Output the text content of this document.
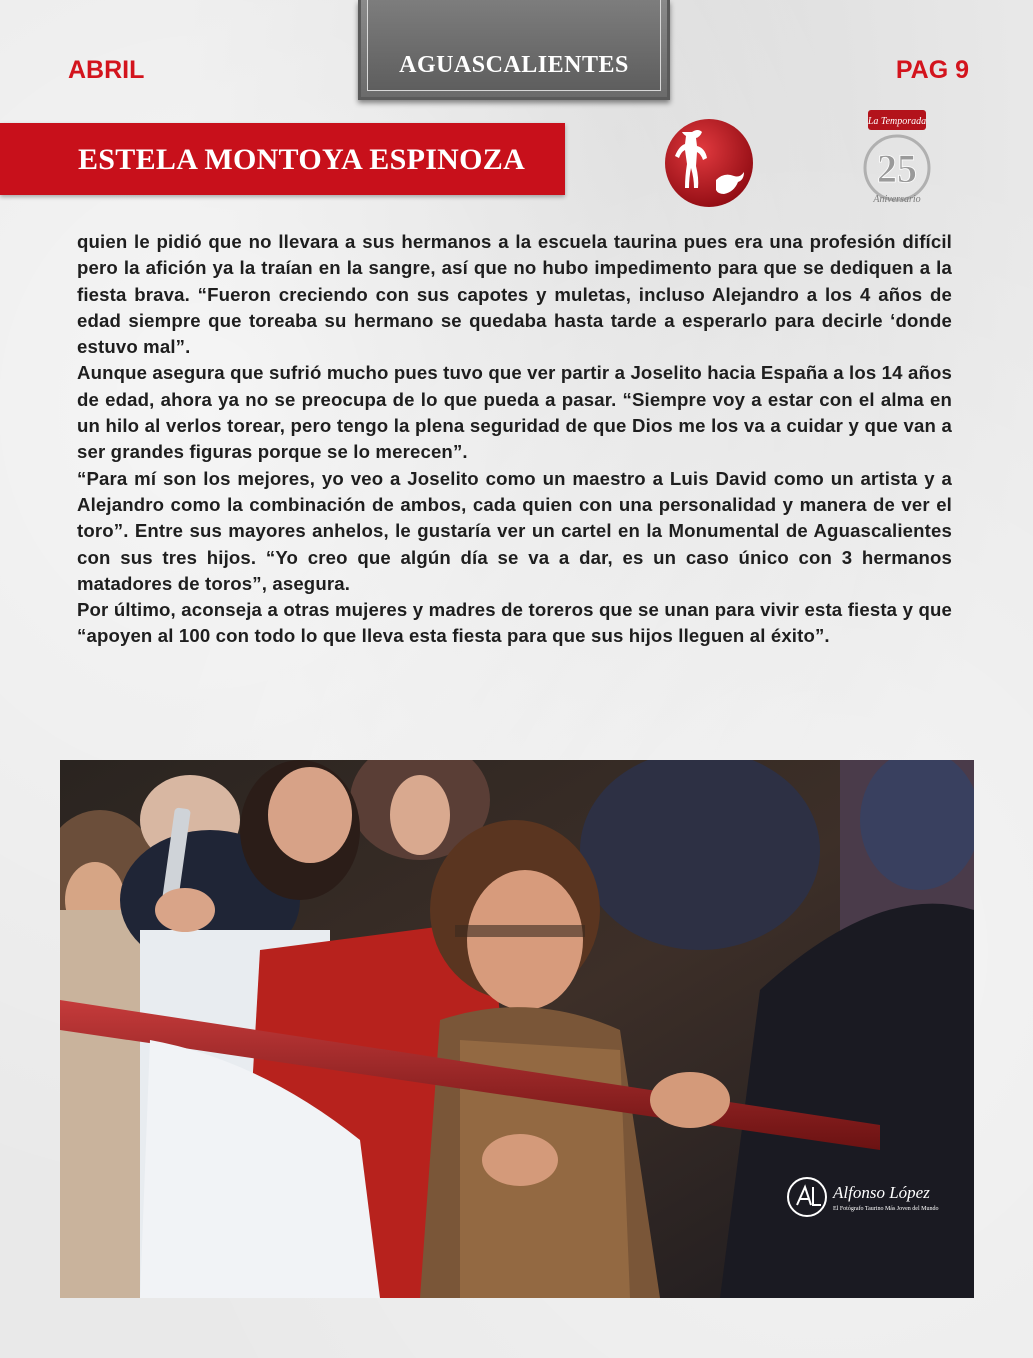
ABRIL	AGUASCALIENTES	PAG 9
ESTELA MONTOYA ESPINOZA
La Temporada
25
Aniversario

quien le pidió que no llevara a sus hermanos a la escuela taurina pues era una profesión difícil pero la afición ya la traían en la sangre, así que no hubo impedimento para que se dediquen a la fiesta brava. “Fueron creciendo con sus capotes y muletas, incluso Alejandro a los 4 años de edad siempre que toreaba su hermano se quedaba hasta tarde a esperarlo para decirle ‘donde estuvo mal”.

Aunque asegura que sufrió mucho pues tuvo que ver partir a Joselito hacia España a los 14 años de edad, ahora ya no se preocupa de lo que pueda a pasar. “Siempre voy a estar con el alma en un hilo al verlos torear, pero tengo la plena seguridad de que Dios me los va a cuidar y que van a ser grandes figuras porque se lo merecen”.

“Para mí son los mejores, yo veo a Joselito como un maestro a Luis David como un artista y a Alejandro como la combinación de ambos, cada quien con una personalidad y manera de ver el toro”. Entre sus mayores anhelos, le gustaría ver un cartel en la Monumental de Aguascalientes con sus tres hijos. “Yo creo que algún día se va a dar, es un caso único con 3 hermanos matadores de toros”, asegura.

Por último, aconseja a otras mujeres y madres de toreros que se unan para vivir esta fiesta y que “apoyen al 100 con todo lo que lleva esta fiesta para que sus hijos lleguen al éxito”.

Alfonso López
El Fotógrafo Taurino Más Joven del Mundo
